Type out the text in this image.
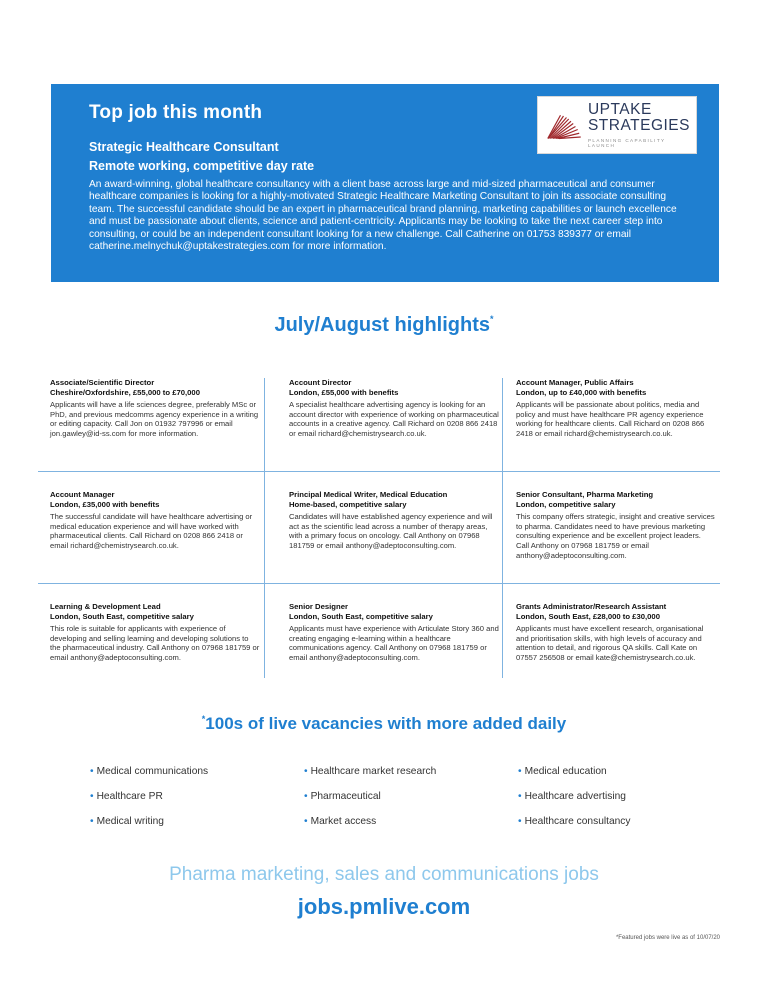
Top job this month
Strategic Healthcare Consultant
Remote working, competitive day rate

An award-winning, global healthcare consultancy with a client base across large and mid-sized pharmaceutical and consumer healthcare companies is looking for a highly-motivated Strategic Healthcare Marketing Consultant to join its associate consulting team. The successful candidate should be an expert in pharmaceutical brand planning, marketing capabilities or launch excellence and must be passionate about clients, science and patient-centricity. Applicants may be looking to take the next career step into consulting, or could be an independent consultant looking for a new challenge. Call Catherine on 01753 839377 or email catherine.melnychuk@uptakestrategies.com for more information.

UPTAKE
STRATEGIES
PLANNING CAPABILITY LAUNCH
July/August highlights*
Associate/Scientific Director
Cheshire/Oxfordshire, £55,000 to £70,000
Applicants will have a life sciences degree, preferably MSc or PhD, and previous medcomms agency experience in a writing or editing capacity. Call Jon on 01932 797996 or email jon.gawley@id-ss.com for more information.
Account Director
London, £55,000 with benefits
A specialist healthcare advertising agency is looking for an account director with experience of working on pharmaceutical accounts in a creative agency. Call Richard on 0208 866 2418 or email richard@chemistrysearch.co.uk.
Account Manager, Public Affairs
London, up to £40,000 with benefits
Applicants will be passionate about politics, media and policy and must have healthcare PR agency experience working for healthcare clients. Call Richard on 0208 866 2418 or email richard@chemistrysearch.co.uk.
Account Manager
London, £35,000 with benefits
The successful candidate will have healthcare advertising or medical education experience and will have worked with pharmaceutical clients. Call Richard on 0208 866 2418 or email richard@chemistrysearch.co.uk.
Principal Medical Writer, Medical Education
Home-based, competitive salary
Candidates will have established agency experience and will act as the scientific lead across a number of therapy areas, with a primary focus on oncology. Call Anthony on 07968 181759 or email anthony@adeptoconsulting.com.
Senior Consultant, Pharma Marketing
London, competitive salary
This company offers strategic, insight and creative services to pharma. Candidates need to have previous marketing consulting experience and be excellent project leaders. Call Anthony on 07968 181759 or email anthony@adeptoconsulting.com.
Learning & Development Lead
London, South East, competitive salary
This role is suitable for applicants with experience of developing and selling learning and developing solutions to the pharmaceutical industry. Call Anthony on 07968 181759 or email anthony@adeptoconsulting.com.
Senior Designer
London, South East, competitive salary
Applicants must have experience with Articulate Story 360 and creating engaging e-learning within a healthcare communications agency. Call Anthony on 07968 181759 or email anthony@adeptoconsulting.com.
Grants Administrator/Research Assistant
London, South East, £28,000 to £30,000
Applicants must have excellent research, organisational and prioritisation skills, with high levels of accuracy and attention to detail, and rigorous QA skills. Call Kate on 07557 256508 or email kate@chemistrysearch.co.uk.
*100s of live vacancies with more added daily
• Medical communications	• Healthcare market research	• Medical education
• Healthcare PR	• Pharmaceutical	• Healthcare advertising
• Medical writing	• Market access	• Healthcare consultancy
Pharma marketing, sales and communications jobs
jobs.pmlive.com
*Featured jobs were live as of 10/07/20
